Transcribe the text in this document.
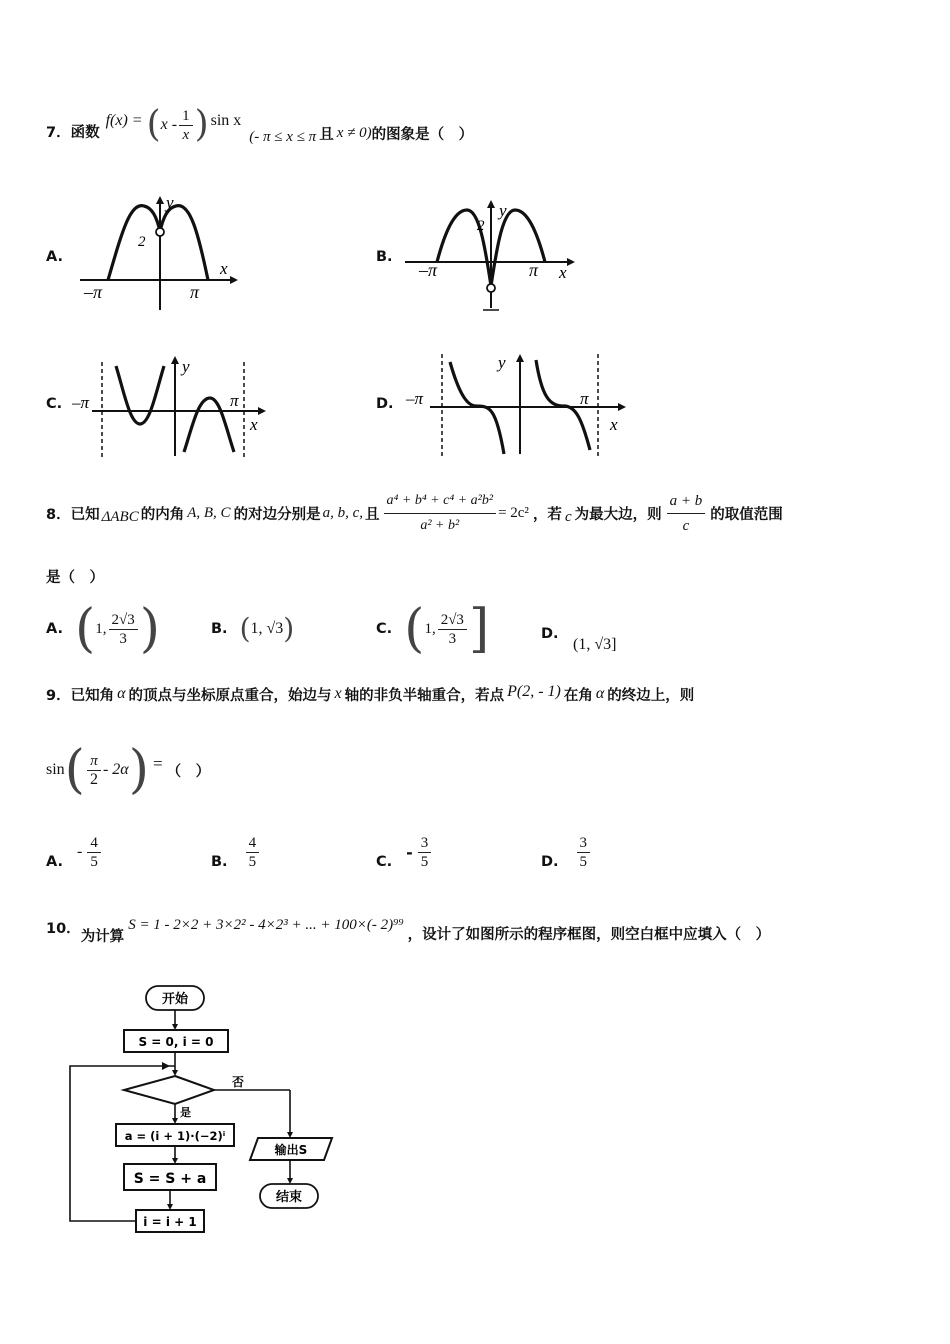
7． 函数
f(x) = ( x - $\frac{1}{x}$ ) sin x
(- π ≤ x ≤ π 且 x ≠ 0) 的图象是（　）
A.
2
y
x
–π	π
B.
2
y
x
–π	π
C.
y
x
–π	π	D.
y
x
–π	π
8． 已知 ΔABC 的内角 A, B, C 的对边分别是 a, b, c, 且 $\frac{\text{a⁴ + b⁴ + c⁴ + a²b²}}{\text{a² + b²}} = 2c^2$ ，若 c 为最大边，则 $\frac{a + b}{c}$ 的取值范围
是（　）
A. ( 1, $\frac{2√3}{3}$ )	B. ( 1, √3 )	C. ( 1, $\frac{2√3}{3}$ ]	D.
(1, √3]
9． 已知角 α 的顶点与坐标原点重合，始边与 x 轴的非负半轴重合，若点 P(2, - 1) 在角 α 的终边上，则
sin ( $\frac{\pi}{2} - 2\alpha$ ) = （　）
A.
- $\frac{4}{5}$	B. $\frac{4}{5}$	C.
- $\frac{3}{5}$	D. $\frac{3}{5}$
10． 为计算
S = 1 - 2×2 + 3×2² - 4×2³ + ... + 100×(- 2)⁹⁹
，设计了如图所示的程序框图，则空白框中应填入（　）
开始
S = 0, i = 0
否
输出S
结束
是
a = (i + 1)·(−2)ⁱ
S = S + a
i = i + 1
